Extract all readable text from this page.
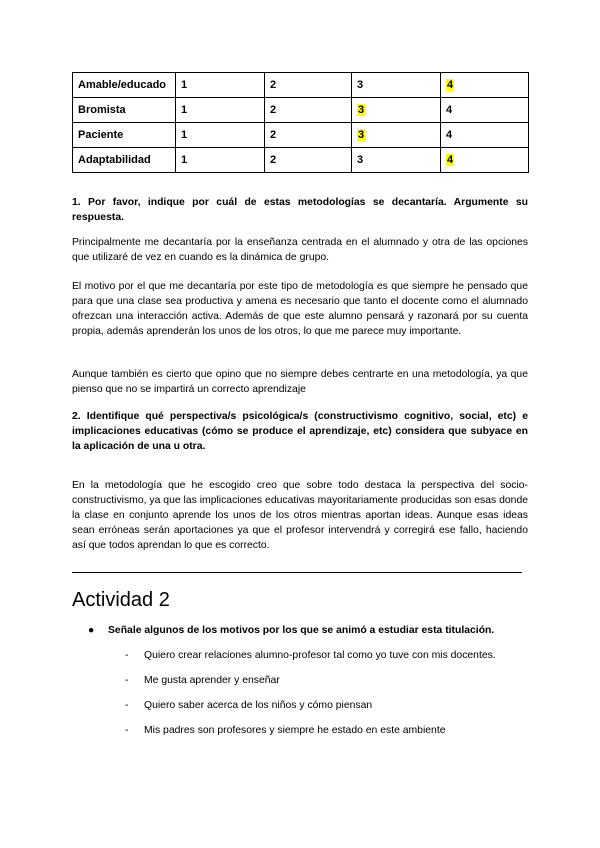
Amable/educado	1	2	3	4
Bromista	1	2	3	4
Paciente	1	2	3	4
Adaptabilidad	1	2	3	4

1. Por favor, indique por cuál de estas metodologías se decantaría. Argumente su respuesta.

Principalmente me decantaría por la enseñanza centrada en el alumnado y otra de las opciones que utilizaré de vez en cuando es la dinámica de grupo.

El motivo por el que me decantaría por este tipo de metodología es que siempre he pensado que para que una clase sea productiva y amena es necesario que tanto el docente como el alumnado ofrezcan una interacción activa. Además de que este alumno pensará y razonará por su cuenta propia, además aprenderán los unos de los otros, lo que me parece muy importante.

Aunque también es cierto que opino que no siempre debes centrarte en una metodología, ya que pienso que no se impartirá un correcto aprendizaje

2. Identifique qué perspectiva/s psicológica/s (constructivismo cognitivo, social, etc) e implicaciones educativas (cómo se produce el aprendizaje, etc) considera que subyace en la aplicación de una u otra.

En la metodología que he escogido creo que sobre todo destaca la perspectiva del socio-constructivismo, ya que las implicaciones educativas mayoritariamente producidas son esas donde la clase en conjunto aprende los unos de los otros mientras aportan ideas. Aunque esas ideas sean erróneas serán aportaciones ya que el profesor intervendrá y corregirá ese fallo, haciendo así que todos aprendan lo que es correcto.

Actividad 2
● Señale algunos de los motivos por los que se animó a estudiar esta titulación.
- Quiero crear relaciones alumno-profesor tal como yo tuve con mis docentes.
- Me gusta aprender y enseñar
- Quiero saber acerca de los niños y cómo piensan
- Mis padres son profesores y siempre he estado en este ambiente
